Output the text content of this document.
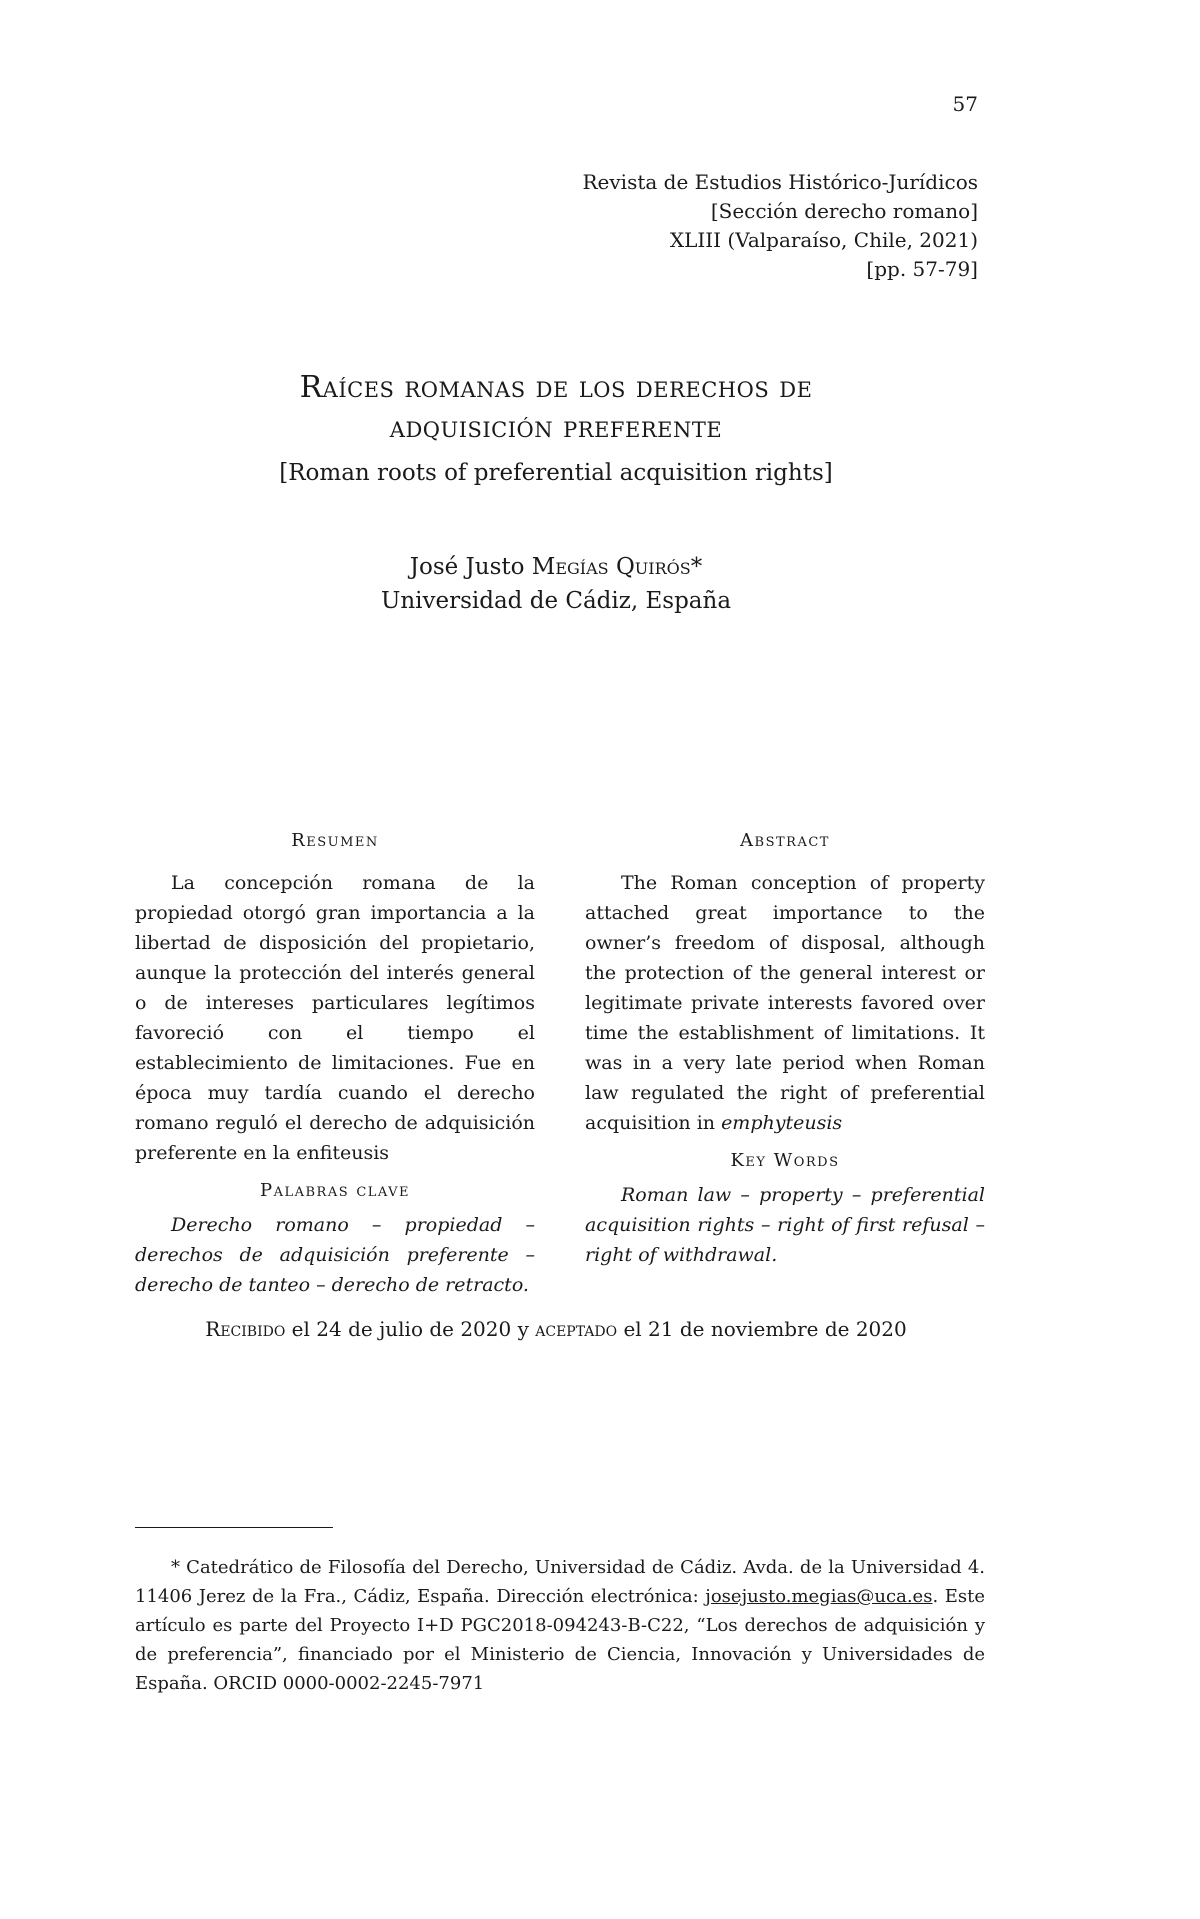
57
Revista de Estudios Histórico-Jurídicos
[Sección derecho romano]
XLIII (Valparaíso, Chile, 2021)
[pp. 57-79]
Raíces romanas de los derechos de
adquisición preferente
[Roman roots of preferential acquisition rights]
José Justo Megías Quirós*
Universidad de Cádiz, España
Resumen

La concepción romana de la propiedad otorgó gran importancia a la libertad de disposición del propietario, aunque la protección del interés general o de intereses particulares legítimos favoreció con el tiempo el establecimiento de limitaciones. Fue en época muy tardía cuando el derecho romano reguló el derecho de adquisición preferente en la enfiteusis

Palabras clave

Derecho romano – propiedad – derechos de adquisición preferente – derecho de tanteo – derecho de retracto.

Abstract

The Roman conception of property attached great importance to the owner’s freedom of disposal, although the protection of the general interest or legitimate private interests favored over time the establishment of limitations. It was in a very late period when Roman law regulated the right of preferential acquisition in emphyteusis

Key Words

Roman law – property – preferential acquisition rights – right of first refusal – right of withdrawal.

Recibido el 24 de julio de 2020 y aceptado el 21 de noviembre de 2020
* Catedrático de Filosofía del Derecho, Universidad de Cádiz. Avda. de la Universidad 4. 11406 Jerez de la Fra., Cádiz, España. Dirección electrónica: josejusto.megias@uca.es. Este artículo es parte del Proyecto I+D PGC2018-094243-B-C22, “Los derechos de adquisición y de preferencia”, financiado por el Ministerio de Ciencia, Innovación y Universidades de España. ORCID 0000-0002-2245-7971
